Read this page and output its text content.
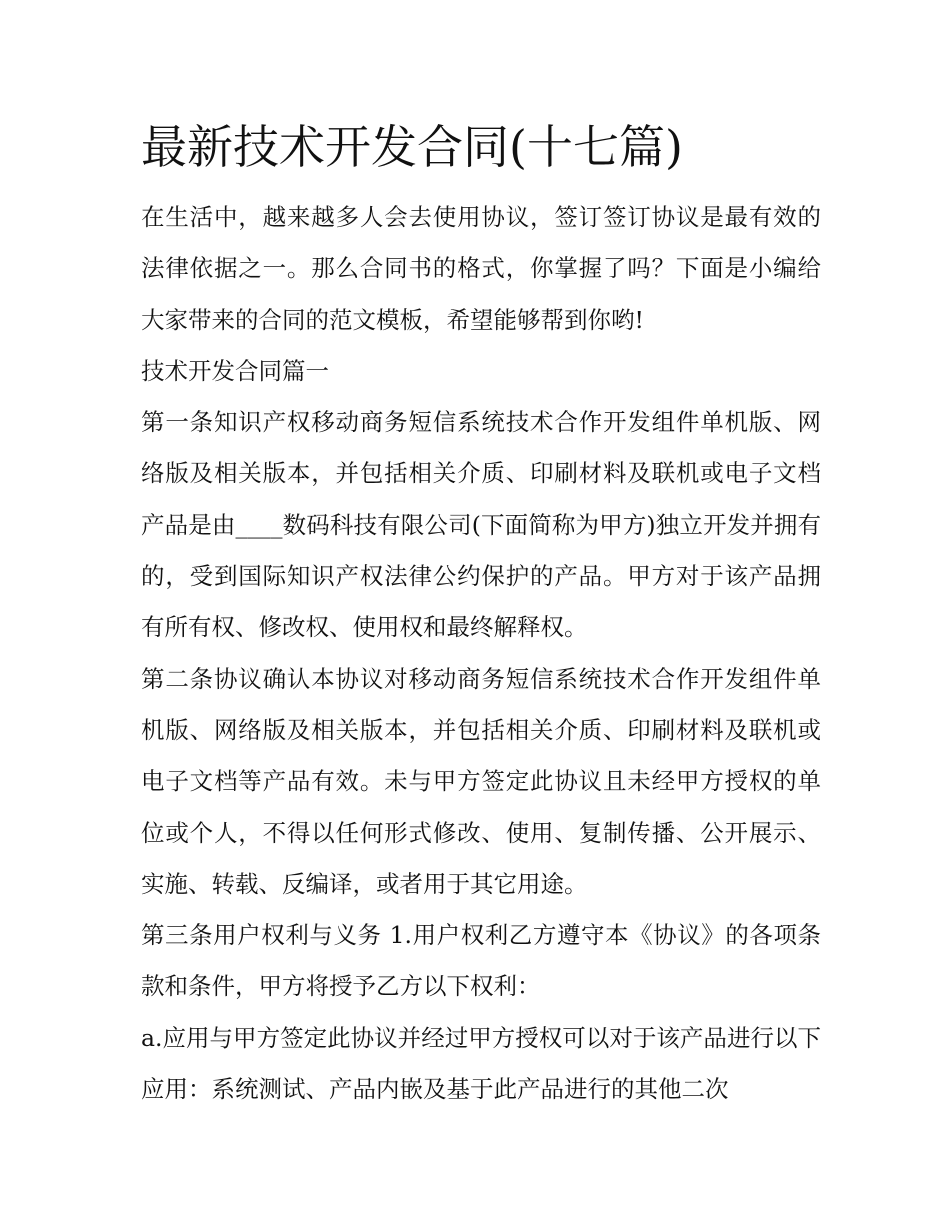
最新技术开发合同(十七篇)

在生活中，越来越多人会去使用协议，签订签订协议是最有效的法律依据之一。那么合同书的格式，你掌握了吗？下面是小编给大家带来的合同的范文模板，希望能够帮到你哟!

技术开发合同篇一

第一条知识产权移动商务短信系统技术合作开发组件单机版、网络版及相关版本，并包括相关介质、印刷材料及联机或电子文档产品是由____数码科技有限公司(下面简称为甲方)独立开发并拥有的，受到国际知识产权法律公约保护的产品。甲方对于该产品拥有所有权、修改权、使用权和最终解释权。

第二条协议确认本协议对移动商务短信系统技术合作开发组件单机版、网络版及相关版本，并包括相关介质、印刷材料及联机或电子文档等产品有效。未与甲方签定此协议且未经甲方授权的单位或个人，不得以任何形式修改、使用、复制传播、公开展示、实施、转载、反编译，或者用于其它用途。

第三条用户权利与义务 1.用户权利乙方遵守本《协议》的各项条款和条件，甲方将授予乙方以下权利：

a.应用与甲方签定此协议并经过甲方授权可以对于该产品进行以下应用：系统测试、产品内嵌及基于此产品进行的其他二次
